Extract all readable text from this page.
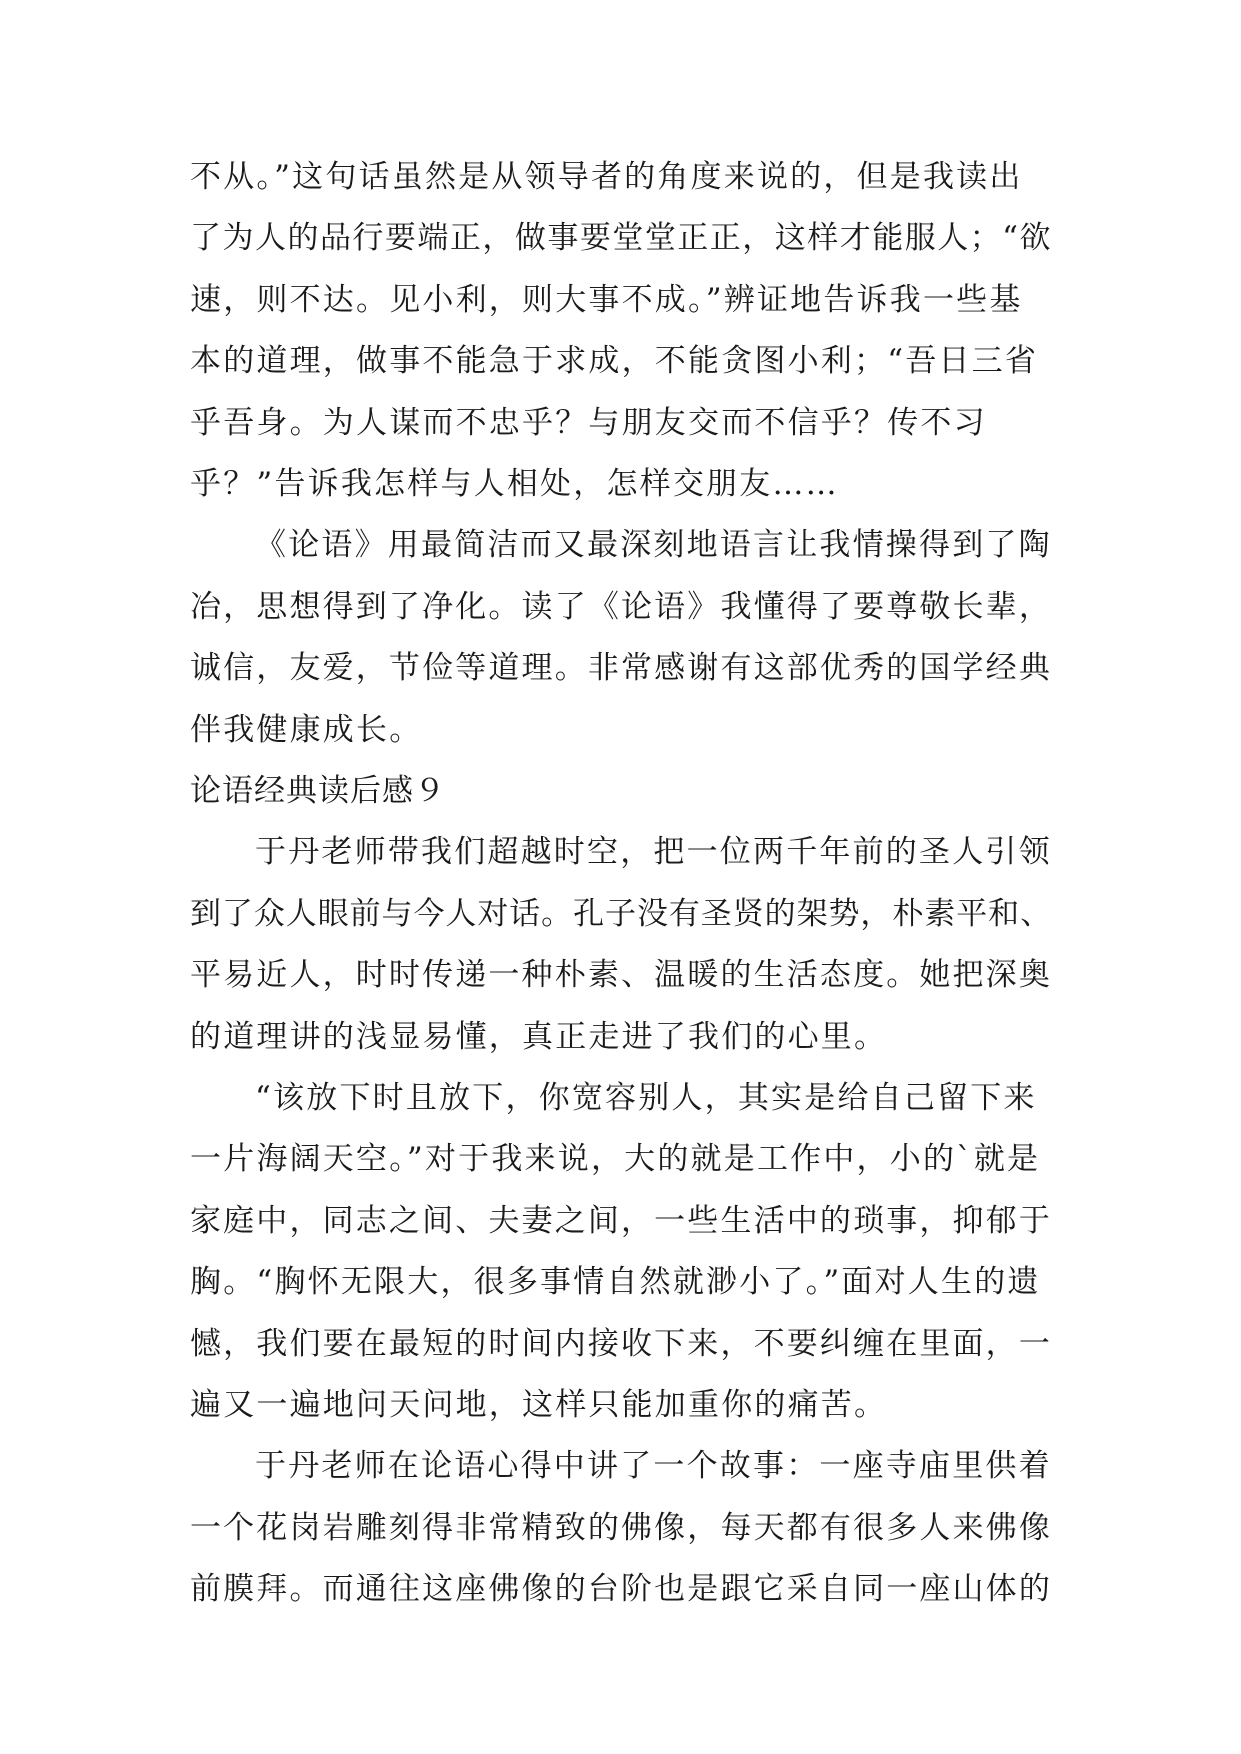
不从。”这句话虽然是从领导者的角度来说的，但是我读出
了为人的品行要端正，做事要堂堂正正，这样才能服人；“欲
速，则不达。见小利，则大事不成。”辨证地告诉我一些基
本的道理，做事不能急于求成，不能贪图小利；“吾日三省
乎吾身。为人谋而不忠乎？与朋友交而不信乎？传不习
乎？”告诉我怎样与人相处，怎样交朋友……
《论语》用最简洁而又最深刻地语言让我情操得到了陶
冶，思想得到了净化。读了《论语》我懂得了要尊敬长辈，
诚信，友爱，节俭等道理。非常感谢有这部优秀的国学经典
伴我健康成长。
论语经典读后感９
于丹老师带我们超越时空，把一位两千年前的圣人引领
到了众人眼前与今人对话。孔子没有圣贤的架势，朴素平和、
平易近人，时时传递一种朴素、温暖的生活态度。她把深奥
的道理讲的浅显易懂，真正走进了我们的心里。
“该放下时且放下，你宽容别人，其实是给自己留下来
一片海阔天空。”对于我来说，大的就是工作中，小的`就是
家庭中，同志之间、夫妻之间，一些生活中的琐事，抑郁于
胸。“胸怀无限大，很多事情自然就渺小了。”面对人生的遗
憾，我们要在最短的时间内接收下来，不要纠缠在里面，一
遍又一遍地问天问地，这样只能加重你的痛苦。
于丹老师在论语心得中讲了一个故事：一座寺庙里供着
一个花岗岩雕刻得非常精致的佛像，每天都有很多人来佛像
前膜拜。而通往这座佛像的台阶也是跟它采自同一座山体的
